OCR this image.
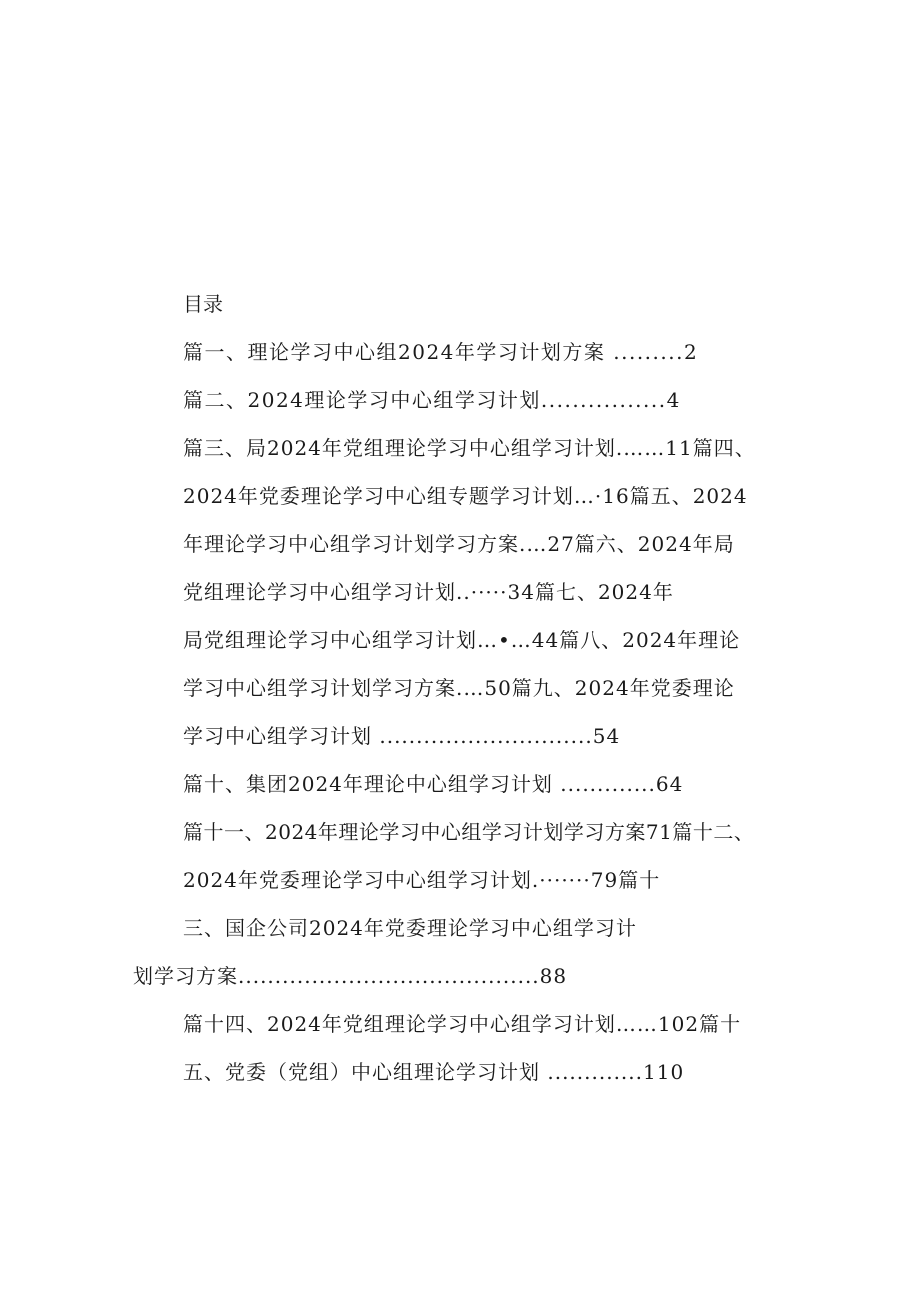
目录
篇一、理论学习中心组2024年学习计划方案 .........2
篇二、2024理论学习中心组学习计划................4
篇三、局2024年党组理论学习中心组学习计划.……11篇四、
2024年党委理论学习中心组专题学习计划…·16篇五、2024
年理论学习中心组学习计划学习方案.…27篇六、2024年局
党组理论学习中心组学习计划..·····34篇七、2024年
局党组理论学习中心组学习计划…•…44篇八、2024年理论
学习中心组学习计划学习方案.…50篇九、2024年党委理论
学习中心组学习计划 .............................54
篇十、集团2024年理论中心组学习计划 .............64
篇十一、2024年理论学习中心组学习计划学习方案71篇十二、
2024年党委理论学习中心组学习计划.·······79篇十
三、国企公司2024年党委理论学习中心组学习计
划学习方案.........................................88
篇十四、2024年党组理论学习中心组学习计划……102篇十
五、党委（党组）中心组理论学习计划 .............110
